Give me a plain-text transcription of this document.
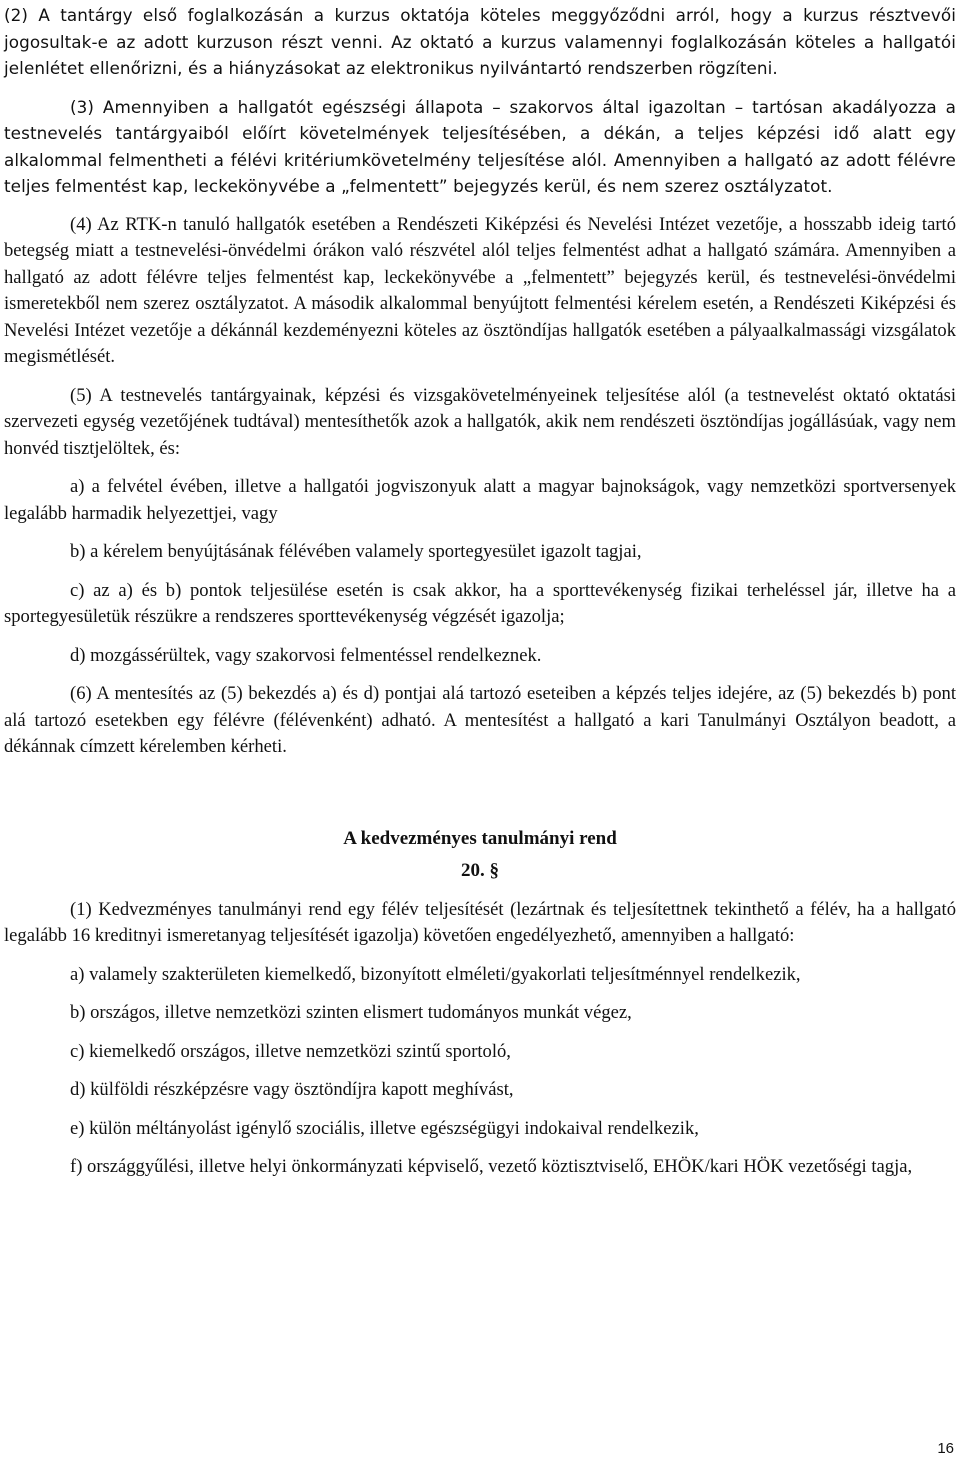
(2) A tantárgy első foglalkozásán a kurzus oktatója köteles meggyőződni arról, hogy a kurzus résztvevői jogosultak-e az adott kurzuson részt venni. Az oktató a kurzus valamennyi foglalkozásán köteles a hallgatói jelenlétet ellenőrizni, és a hiányzásokat az elektronikus nyilvántartó rendszerben rögzíteni.

(3) Amennyiben a hallgatót egészségi állapota – szakorvos által igazoltan – tartósan akadályozza a testnevelés tantárgyaiból előírt követelmények teljesítésében, a dékán, a teljes képzési idő alatt egy alkalommal felmentheti a félévi kritériumkövetelmény teljesítése alól. Amennyiben a hallgató az adott félévre teljes felmentést kap, leckekönyvébe a „felmentett” bejegyzés kerül, és nem szerez osztályzatot.

(4) Az RTK-n tanuló hallgatók esetében a Rendészeti Kiképzési és Nevelési Intézet vezetője, a hosszabb ideig tartó betegség miatt a testnevelési-önvédelmi órákon való részvétel alól teljes felmentést adhat a hallgató számára. Amennyiben a hallgató az adott félévre teljes felmentést kap, leckekönyvébe a „felmentett” bejegyzés kerül, és testnevelési-önvédelmi ismeretekből nem szerez osztályzatot. A második alkalommal benyújtott felmentési kérelem esetén, a Rendészeti Kiképzési és Nevelési Intézet vezetője a dékánnál kezdeményezni köteles az ösztöndíjas hallgatók esetében a pályaalkalmassági vizsgálatok megismétlését.

(5) A testnevelés tantárgyainak, képzési és vizsgakövetelményeinek teljesítése alól (a testnevelést oktató oktatási szervezeti egység vezetőjének tudtával) mentesíthetők azok a hallgatók, akik nem rendészeti ösztöndíjas jogállásúak, vagy nem honvéd tisztjelöltek, és:

a) a felvétel évében, illetve a hallgatói jogviszonyuk alatt a magyar bajnokságok, vagy nemzetközi sportversenyek legalább harmadik helyezettjei, vagy

b) a kérelem benyújtásának félévében valamely sportegyesület igazolt tagjai,

c) az a) és b) pontok teljesülése esetén is csak akkor, ha a sporttevékenység fizikai terheléssel jár, illetve ha a sportegyesületük részükre a rendszeres sporttevékenység végzését igazolja;

d) mozgássérültek, vagy szakorvosi felmentéssel rendelkeznek.

(6) A mentesítés az (5) bekezdés a) és d) pontjai alá tartozó eseteiben a képzés teljes idejére, az (5) bekezdés b) pont alá tartozó esetekben egy félévre (félévenként) adható. A mentesítést a hallgató a kari Tanulmányi Osztályon beadott, a dékánnak címzett kérelemben kérheti.

A kedvezményes tanulmányi rend

20. §

(1) Kedvezményes tanulmányi rend egy félév teljesítését (lezártnak és teljesítettnek tekinthető a félév, ha a hallgató legalább 16 kreditnyi ismeretanyag teljesítését igazolja) követően engedélyezhető, amennyiben a hallgató:

a) valamely szakterületen kiemelkedő, bizonyított elméleti/gyakorlati teljesítménnyel rendelkezik,

b) országos, illetve nemzetközi szinten elismert tudományos munkát végez,

c) kiemelkedő országos, illetve nemzetközi szintű sportoló,

d) külföldi részképzésre vagy ösztöndíjra kapott meghívást,

e) külön méltányolást igénylő szociális, illetve egészségügyi indokaival rendelkezik,

f) országgyűlési, illetve helyi önkormányzati képviselő, vezető köztisztviselő, EHÖK/kari HÖK vezetőségi tagja,

16
